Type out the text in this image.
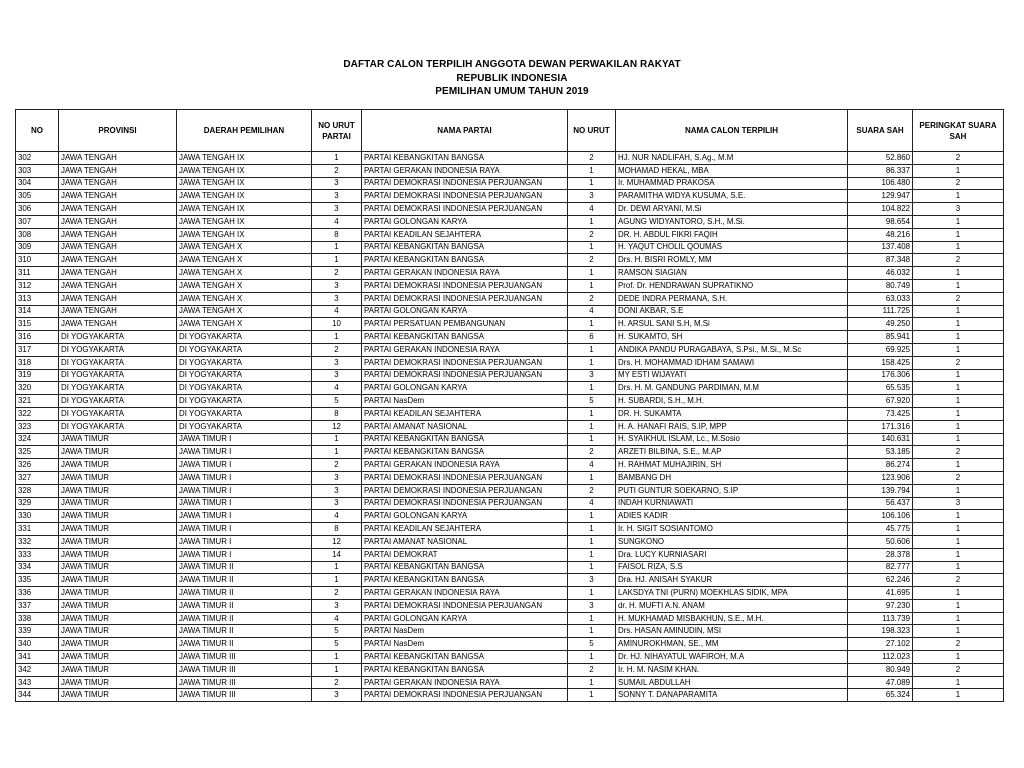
DAFTAR CALON TERPILIH ANGGOTA DEWAN PERWAKILAN RAKYAT
REPUBLIK INDONESIA
PEMILIHAN UMUM TAHUN 2019
NO	PROVINSI	DAERAH PEMILIHAN	NO URUT PARTAI	NAMA PARTAI	NO URUT	NAMA CALON TERPILIH	SUARA SAH	PERINGKAT SUARA SAH
302	JAWA TENGAH	JAWA TENGAH IX	1	PARTAI KEBANGKITAN BANGSA	2	HJ. NUR NADLIFAH, S.Ag., M.M	52.860	2
303	JAWA TENGAH	JAWA TENGAH IX	2	PARTAI GERAKAN INDONESIA RAYA	1	MOHAMAD HEKAL, MBA	86.337	1
304	JAWA TENGAH	JAWA TENGAH IX	3	PARTAI DEMOKRASI INDONESIA PERJUANGAN	1	Ir. MUHAMMAD PRAKOSA	106.480	2
305	JAWA TENGAH	JAWA TENGAH IX	3	PARTAI DEMOKRASI INDONESIA PERJUANGAN	3	PARAMITHA WIDYA KUSUMA, S.E.	129.947	1
306	JAWA TENGAH	JAWA TENGAH IX	3	PARTAI DEMOKRASI INDONESIA PERJUANGAN	4	Dr. DEWI ARYANI, M.Si	104.822	3
307	JAWA TENGAH	JAWA TENGAH IX	4	PARTAI GOLONGAN KARYA	1	AGUNG WIDYANTORO, S.H., M.Si.	98.654	1
308	JAWA TENGAH	JAWA TENGAH IX	8	PARTAI KEADILAN SEJAHTERA	2	DR. H. ABDUL FIKRI FAQIH	48.216	1
309	JAWA TENGAH	JAWA TENGAH X	1	PARTAI KEBANGKITAN BANGSA	1	H. YAQUT CHOLIL QOUMAS	137.408	1
310	JAWA TENGAH	JAWA TENGAH X	1	PARTAI KEBANGKITAN BANGSA	2	Drs. H. BISRI ROMLY, MM	87.348	2
311	JAWA TENGAH	JAWA TENGAH X	2	PARTAI GERAKAN INDONESIA RAYA	1	RAMSON SIAGIAN	46.032	1
312	JAWA TENGAH	JAWA TENGAH X	3	PARTAI DEMOKRASI INDONESIA PERJUANGAN	1	Prof. Dr. HENDRAWAN SUPRATIKNO	80.749	1
313	JAWA TENGAH	JAWA TENGAH X	3	PARTAI DEMOKRASI INDONESIA PERJUANGAN	2	DEDE INDRA PERMANA, S.H.	63.033	2
314	JAWA TENGAH	JAWA TENGAH X	4	PARTAI GOLONGAN KARYA	4	DONI AKBAR, S.E	111.725	1
315	JAWA TENGAH	JAWA TENGAH X	10	PARTAI PERSATUAN PEMBANGUNAN	1	H. ARSUL SANI S.H, M.Si	49.250	1
316	DI YOGYAKARTA	DI YOGYAKARTA	1	PARTAI KEBANGKITAN BANGSA	6	H. SUKAMTO, SH	85.941	1
317	DI YOGYAKARTA	DI YOGYAKARTA	2	PARTAI GERAKAN INDONESIA RAYA	1	ANDIKA PANDU PURAGABAYA, S.Psi., M.Si., M.Sc	69.925	1
318	DI YOGYAKARTA	DI YOGYAKARTA	3	PARTAI DEMOKRASI INDONESIA PERJUANGAN	1	Drs. H. MOHAMMAD IDHAM SAMAWI	158.425	2
319	DI YOGYAKARTA	DI YOGYAKARTA	3	PARTAI DEMOKRASI INDONESIA PERJUANGAN	3	MY ESTI WIJAYATI	176.306	1
320	DI YOGYAKARTA	DI YOGYAKARTA	4	PARTAI GOLONGAN KARYA	1	Drs. H. M. GANDUNG PARDIMAN, M.M	65.535	1
321	DI YOGYAKARTA	DI YOGYAKARTA	5	PARTAI NasDem	5	H. SUBARDI, S.H., M.H.	67.920	1
322	DI YOGYAKARTA	DI YOGYAKARTA	8	PARTAI KEADILAN SEJAHTERA	1	DR. H. SUKAMTA	73.425	1
323	DI YOGYAKARTA	DI YOGYAKARTA	12	PARTAI AMANAT NASIONAL	1	H. A. HANAFI RAIS, S.IP, MPP	171.316	1
324	JAWA TIMUR	JAWA TIMUR I	1	PARTAI KEBANGKITAN BANGSA	1	H. SYAIKHUL ISLAM, Lc., M.Sosio	140.631	1
325	JAWA TIMUR	JAWA TIMUR I	1	PARTAI KEBANGKITAN BANGSA	2	ARZETI BILBINA, S.E., M.AP	53.185	2
326	JAWA TIMUR	JAWA TIMUR I	2	PARTAI GERAKAN INDONESIA RAYA	4	H. RAHMAT MUHAJIRIN, SH	86.274	1
327	JAWA TIMUR	JAWA TIMUR I	3	PARTAI DEMOKRASI INDONESIA PERJUANGAN	1	BAMBANG DH	123.906	2
328	JAWA TIMUR	JAWA TIMUR I	3	PARTAI DEMOKRASI INDONESIA PERJUANGAN	2	PUTI GUNTUR SOEKARNO, S.IP	139.794	1
329	JAWA TIMUR	JAWA TIMUR I	3	PARTAI DEMOKRASI INDONESIA PERJUANGAN	4	INDAH KURNIAWATI	56.437	3
330	JAWA TIMUR	JAWA TIMUR I	4	PARTAI GOLONGAN KARYA	1	ADIES KADIR	106.106	1
331	JAWA TIMUR	JAWA TIMUR I	8	PARTAI KEADILAN SEJAHTERA	1	Ir. H. SIGIT SOSIANTOMO	45.775	1
332	JAWA TIMUR	JAWA TIMUR I	12	PARTAI AMANAT NASIONAL	1	SUNGKONO	50.606	1
333	JAWA TIMUR	JAWA TIMUR I	14	PARTAI DEMOKRAT	1	Dra. LUCY KURNIASARI	28.378	1
334	JAWA TIMUR	JAWA TIMUR II	1	PARTAI KEBANGKITAN BANGSA	1	FAISOL RIZA, S.S	82.777	1
335	JAWA TIMUR	JAWA TIMUR II	1	PARTAI KEBANGKITAN BANGSA	3	Dra. HJ. ANISAH SYAKUR	62.246	2
336	JAWA TIMUR	JAWA TIMUR II	2	PARTAI GERAKAN INDONESIA RAYA	1	LAKSDYA TNI (PURN) MOEKHLAS SIDIK, MPA	41.695	1
337	JAWA TIMUR	JAWA TIMUR II	3	PARTAI DEMOKRASI INDONESIA PERJUANGAN	3	dr. H. MUFTI A.N. ANAM	97.230	1
338	JAWA TIMUR	JAWA TIMUR II	4	PARTAI GOLONGAN KARYA	1	H. MUKHAMAD MISBAKHUN, S.E., M.H.	113.739	1
339	JAWA TIMUR	JAWA TIMUR II	5	PARTAI NasDem	1	Drs. HASAN AMINUDIN, MSI	198.323	1
340	JAWA TIMUR	JAWA TIMUR II	5	PARTAI NasDem	5	AMINUROKHMAN, SE., MM	27.102	2
341	JAWA TIMUR	JAWA TIMUR III	1	PARTAI KEBANGKITAN BANGSA	1	Dr. HJ. NIHAYATUL WAFIROH, M.A	112.023	1
342	JAWA TIMUR	JAWA TIMUR III	1	PARTAI KEBANGKITAN BANGSA	2	Ir. H. M. NASIM KHAN.	80.949	2
343	JAWA TIMUR	JAWA TIMUR III	2	PARTAI GERAKAN INDONESIA RAYA	1	SUMAIL ABDULLAH	47.089	1
344	JAWA TIMUR	JAWA TIMUR III	3	PARTAI DEMOKRASI INDONESIA PERJUANGAN	1	SONNY T. DANAPARAMITA	65.324	1
